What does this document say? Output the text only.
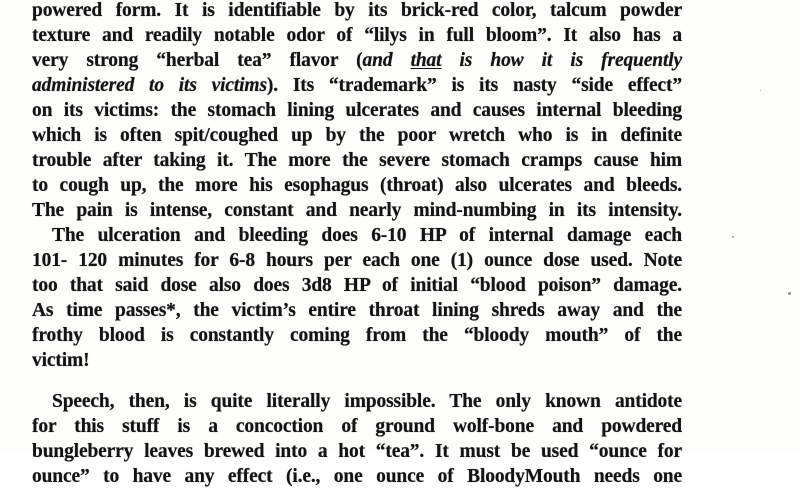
powered form. It is identifiable by its brick-red color, talcum powder
texture and readily notable odor of “lilys in full bloom”. It also has a
very strong “herbal tea” flavor (and that is how it is frequently
administered to its victims). Its “trademark” is its nasty “side effect”
on its victims: the stomach lining ulcerates and causes internal bleeding
which is often spit/coughed up by the poor wretch who is in definite
trouble after taking it. The more the severe stomach cramps cause him
to cough up, the more his esophagus (throat) also ulcerates and bleeds.
The pain is intense, constant and nearly mind-numbing in its intensity.
The ulceration and bleeding does 6-10 HP of internal damage each
101- 120 minutes for 6-8 hours per each one (1) ounce dose used. Note
too that said dose also does 3d8 HP of initial “blood poison” damage.
As time passes*, the victim’s entire throat lining shreds away and the
frothy blood is constantly coming from the “bloody mouth” of the
victim!
Speech, then, is quite literally impossible. The only known antidote
for this stuff is a concoction of ground wolf-bone and powdered
bungleberry leaves brewed into a hot “tea”. It must be used “ounce for
ounce” to have any effect (i.e., one ounce of BloodyMouth needs one
